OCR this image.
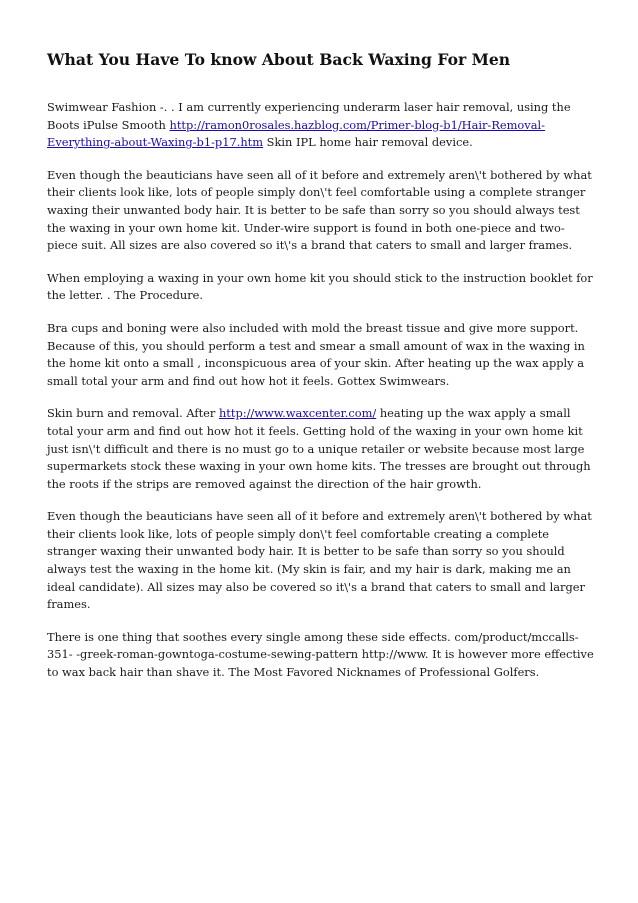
What You Have To know About Back Waxing For Men

Swimwear Fashion -. . I am currently experiencing underarm laser hair removal, using the Boots iPulse Smooth http://ramon0rosales.hazblog.com/Primer-blog-b1/Hair-Removal-Everything-about-Waxing-b1-p17.htm Skin IPL home hair removal device.

Even though the beauticians have seen all of it before and extremely aren\'t bothered by what their clients look like, lots of people simply don\'t feel comfortable using a complete stranger waxing their unwanted body hair. It is better to be safe than sorry so you should always test the waxing in your own home kit. Under-wire support is found in both one-piece and two-piece suit. All sizes are also covered so it\'s a brand that caters to small and larger frames.

When employing a waxing in your own home kit you should stick to the instruction booklet for the letter. . The Procedure.

Bra cups and boning were also included with mold the breast tissue and give more support. Because of this, you should perform a test and smear a small amount of wax in the waxing in the home kit onto a small , inconspicuous area of your skin. After heating up the wax apply a small total your arm and find out how hot it feels. Gottex Swimwears.

Skin burn and removal. After http://www.waxcenter.com/ heating up the wax apply a small total your arm and find out how hot it feels. Getting hold of the waxing in your own home kit just isn\'t difficult and there is no must go to a unique retailer or website because most large supermarkets stock these waxing in your own home kits. The tresses are brought out through the roots if the strips are removed against the direction of the hair growth.

Even though the beauticians have seen all of it before and extremely aren\'t bothered by what their clients look like, lots of people simply don\'t feel comfortable creating a complete stranger waxing their unwanted body hair. It is better to be safe than sorry so you should always test the waxing in the home kit. (My skin is fair, and my hair is dark, making me an ideal candidate). All sizes may also be covered so it\'s a brand that caters to small and larger frames.

There is one thing that soothes every single among these side effects. com/product/mccalls-351- -greek-roman-gowntoga-costume-sewing-pattern http://www. It is however more effective to wax back hair than shave it. The Most Favored Nicknames of Professional Golfers.
